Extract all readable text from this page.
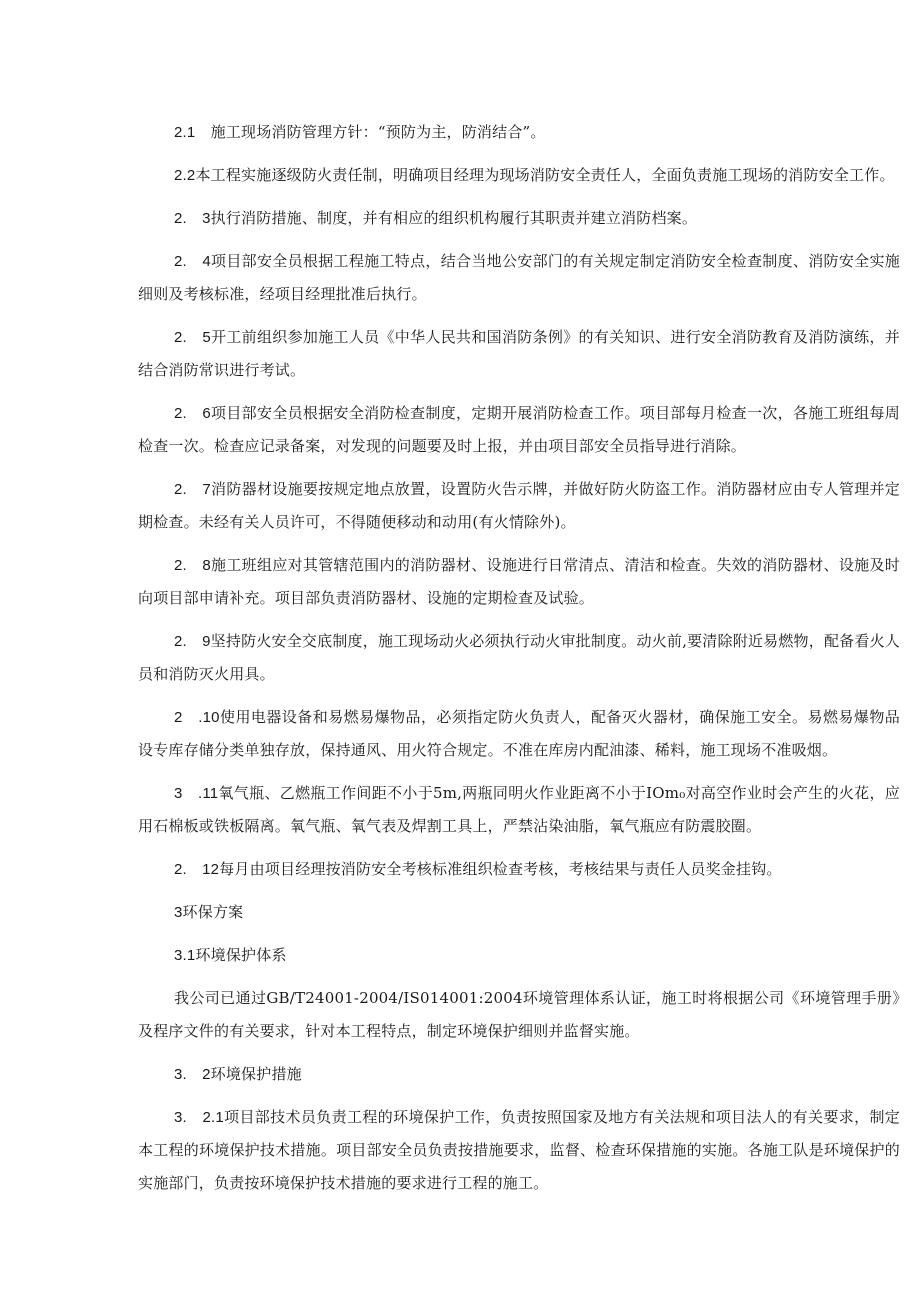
2.1　施工现场消防管理方针：“预防为主，防消结合”。

2.2本工程实施逐级防火责任制，明确项目经理为现场消防安全责任人，全面负责施工现场的消防安全工作。

2.　3执行消防措施、制度，并有相应的组织机构履行其职责并建立消防档案。

2.　4项目部安全员根据工程施工特点，结合当地公安部门的有关规定制定消防安全检查制度、消防安全实施细则及考核标准，经项目经理批准后执行。

2.　5开工前组织参加施工人员《中华人民共和国消防条例》的有关知识、进行安全消防教育及消防演练，并结合消防常识进行考试。

2.　6项目部安全员根据安全消防检查制度，定期开展消防检查工作。项目部每月检查一次，各施工班组每周检查一次。检查应记录备案，对发现的问题要及时上报，并由项目部安全员指导进行消除。

2.　7消防器材设施要按规定地点放置，设置防火告示牌，并做好防火防盗工作。消防器材应由专人管理并定期检查。未经有关人员许可，不得随便移动和动用(有火情除外)。

2.　8施工班组应对其管辖范围内的消防器材、设施进行日常清点、清洁和检查。失效的消防器材、设施及时向项目部申请补充。项目部负责消防器材、设施的定期检查及试验。

2.　9坚持防火安全交底制度，施工现场动火必须执行动火审批制度。动火前,要清除附近易燃物，配备看火人员和消防灭火用具。

2　.10使用电器设备和易燃易爆物品，必须指定防火负责人，配备灭火器材，确保施工安全。易燃易爆物品设专库存储分类单独存放，保持通风、用火符合规定。不准在库房内配油漆、稀料，施工现场不准吸烟。

3　.11氧气瓶、乙燃瓶工作间距不小于5m,两瓶同明火作业距离不小于IOm₀对高空作业时会产生的火花，应用石棉板或铁板隔离。氧气瓶、氧气表及焊割工具上，严禁沾染油脂，氧气瓶应有防震胶圈。

2.　12每月由项目经理按消防安全考核标准组织检查考核，考核结果与责任人员奖金挂钩。

3环保方案

3.1环境保护体系

我公司已通过GB/T24001-2004/IS014001:2004环境管理体系认证，施工时将根据公司《环境管理手册》及程序文件的有关要求，针对本工程特点，制定环境保护细则并监督实施。

3.　2环境保护措施

3.　2.1项目部技术员负责工程的环境保护工作，负责按照国家及地方有关法规和项目法人的有关要求，制定本工程的环境保护技术措施。项目部安全员负责按措施要求，监督、检查环保措施的实施。各施工队是环境保护的实施部门，负责按环境保护技术措施的要求进行工程的施工。
